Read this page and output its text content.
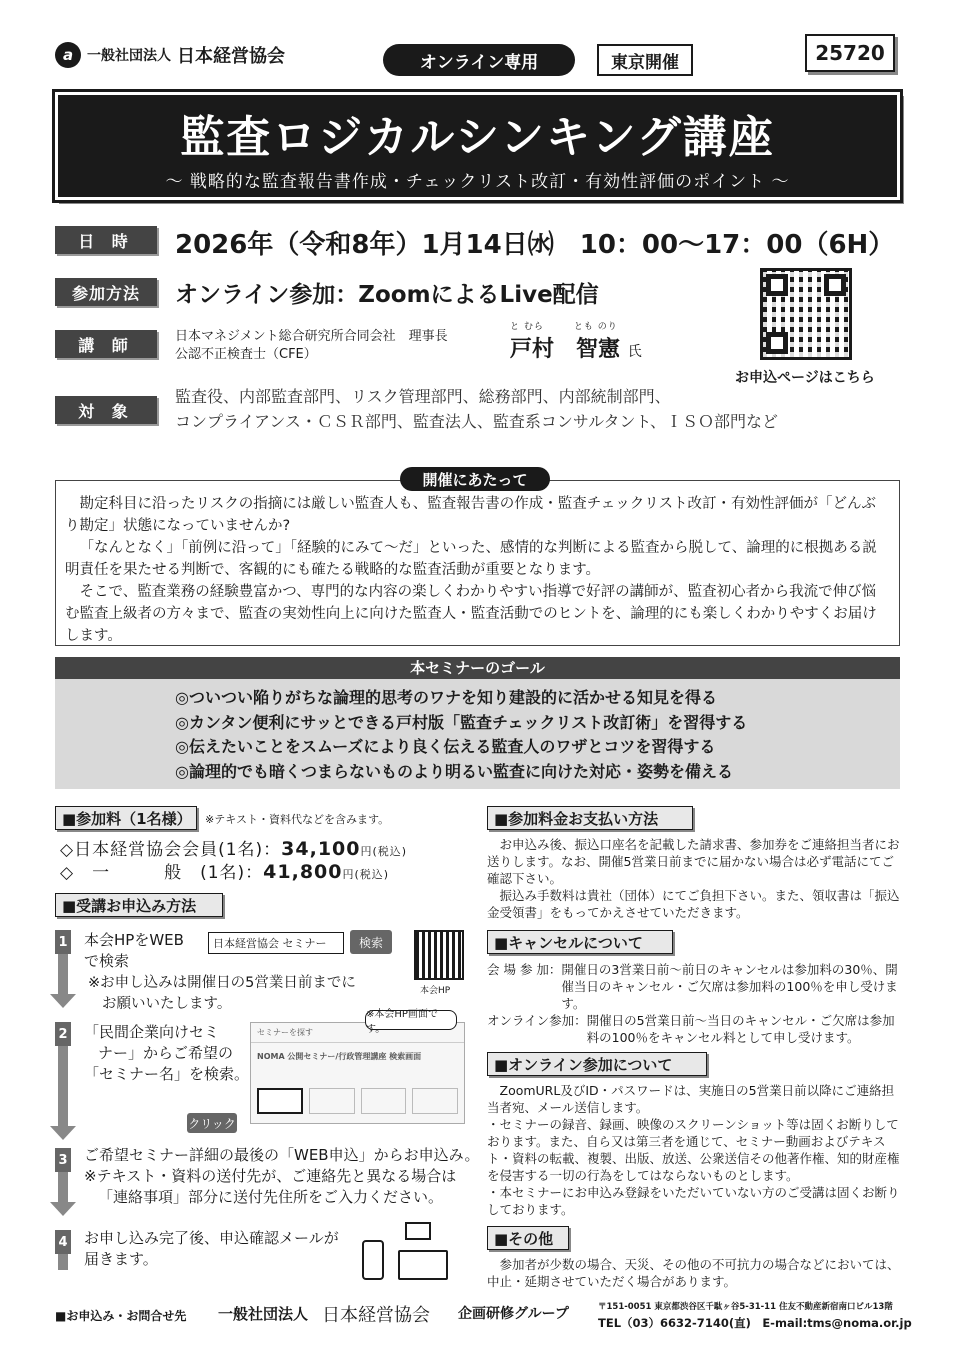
a 一般社団法人 日本経営協会	オンライン専用	東京開催	25720
監査ロジカルシンキング講座
～ 戦略的な監査報告書作成・チェックリスト改訂・有効性評価のポイント ～
日 時	2026年（令和8年）1月14日㈬　10：00～17：00（6H）
参加方法	オンライン参加：ZoomによるLive配信
講 師	日本マネジメント総合研究所合同会社　理事長
公認不正検査士（CFE）
と むら　　　とも のり
戸村　智憲 氏
対 象
監査役、内部監査部門、リスク管理部門、総務部門、内部統制部門、
コンプライアンス・ＣＳＲ部門、監査法人、監査系コンサルタント、ＩＳＯ部門など
お申込ページはこちら
開催にあたって

勘定科目に沿ったリスクの指摘には厳しい監査人も、監査報告書の作成・監査チェックリスト改訂・有効性評価が「どんぶり勘定」状態になっていませんか?

「なんとなく」「前例に沿って」「経験的にみて～だ」といった、感情的な判断による監査から脱して、論理的に根拠ある説明責任を果たせる判断で、客観的にも確たる戦略的な監査活動が重要となります。

そこで、監査業務の経験豊富かつ、専門的な内容の楽しくわかりやすい指導で好評の講師が、監査初心者から我流で伸び悩む監査上級者の方々まで、監査の実効性向上に向けた監査人・監査活動でのヒントを、論理的にも楽しくわかりやすくお届けします。

本セミナーのゴール
◎ついつい陥りがちな論理的思考のワナを知り建設的に活かせる知見を得る
◎カンタン便利にサッとできる戸村版「監査チェックリスト改訂術」を習得する
◎伝えたいことをスムーズにより良く伝える監査人のワザとコツを習得する
◎論理的でも暗くつまらないものより明るい監査に向けた対応・姿勢を備える
■参加料（1名様）	※テキスト・資料代などを含みます。
◇日本経営協会会員(1名)：34,100円(税込)
◇　一　　　般　(1名)：41,800円(税込)
■受講お申込み方法
1 本会HPをWEB
で検索
日本経営協会 セミナー	検索
本会HP
※お申し込みは開催日の5営業日前までに
お願いいたします。
2 「民間企業向けセミ
ナー」からご希望の
「セミナー名」を検索。
セミナーを探す
NOMA 公開セミナー/行政管理講座 検索画面
※本会HP画面です。
クリック
3 ご希望セミナー詳細の最後の「WEB申込」からお申込み。
※テキスト・資料の送付先が、ご連絡先と異なる場合は
「連絡事項」部分に送付先住所をご入力ください。
4 お申し込み完了後、申込確認メールが
届きます。
■参加料金お支払い方法

お申込み後、振込口座名を記載した請求書、参加券をご連絡担当者にお送りします。なお、開催5営業日前までに届かない場合は必ず電話にてご確認下さい。

振込み手数料は貴社（団体）にてご負担下さい。また、領収書は「振込金受領書」をもってかえさせていただきます。

■キャンセルについて
会 場 参 加： 開催日の3営業日前～前日のキャンセルは参加料の30％、開催当日のキャンセル・ご欠席は参加料の100％を申し受けます。
オンライン参加： 開催日の5営業日前～当日のキャンセル・ご欠席は参加料の100％をキャンセル料として申し受けます。
■オンライン参加について

ZoomURL及びID・パスワードは、実施日の5営業日前以降にご連絡担当者宛、メール送信します。

・セミナーの録音、録画、映像のスクリーンショット等は固くお断りしております。また、自ら又は第三者を通じて、セミナー動画およびテキスト・資料の転載、複製、出版、放送、公衆送信その他著作権、知的財産権を侵害する一切の行為をしてはならないものとします。

・本セミナーにお申込み登録をいただいていない方のご受講は固くお断りしております。

■その他
参加者が少数の場合、天災、その他の不可抗力の場合などにおいては、中止・延期させていただく場合があります。
■お申込み・お問合せ先 一般社団法人 日本経営協会 企画研修グループ	〒151-0051 東京都渋谷区千駄ヶ谷5-31-11 住友不動産新宿南口ビル13階
TEL（03）6632-7140(直)　E-mail:tms@noma.or.jp
